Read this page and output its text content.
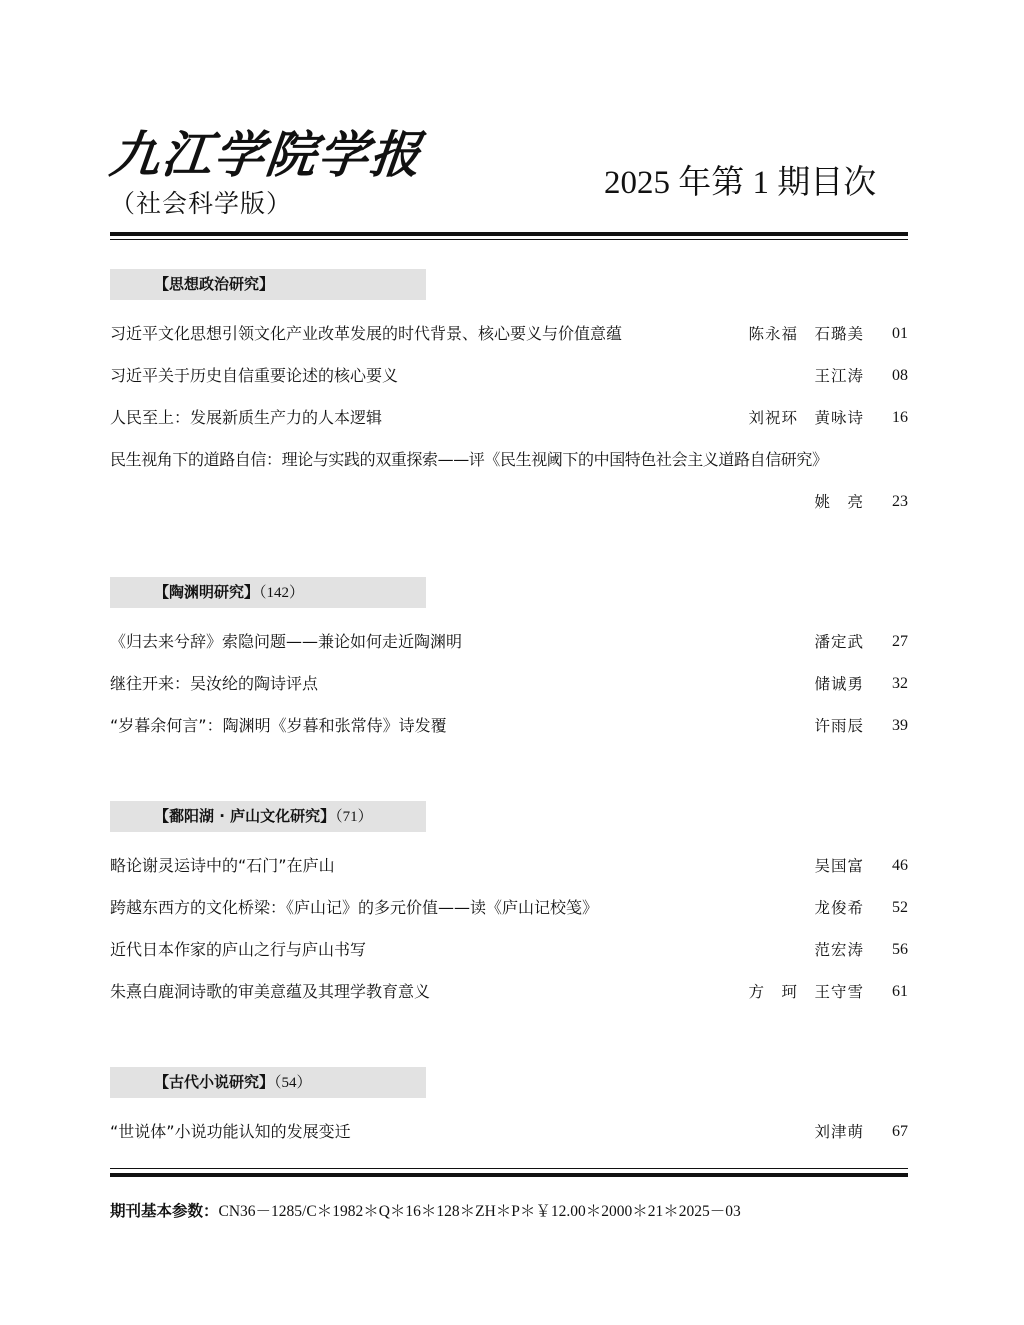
九江学院学报
（社会科学版）
2025 年第 1 期目次
【思想政治研究】
习近平文化思想引领文化产业改革发展的时代背景、核心要义与价值意蕴	陈永福 石璐美	01
习近平关于历史自信重要论述的核心要义	王江涛	08
人民至上：发展新质生产力的人本逻辑	刘祝环 黄咏诗	16
民生视角下的道路自信：理论与实践的双重探索——评《民生视阈下的中国特色社会主义道路自信研究》
姚　亮	23
【陶渊明研究】（142）
《归去来兮辞》索隐问题——兼论如何走近陶渊明	潘定武	27
继往开来：吴汝纶的陶诗评点	储诚勇	32
“岁暮余何言”：陶渊明《岁暮和张常侍》诗发覆	许雨辰	39
【鄱阳湖 · 庐山文化研究】（71）
略论谢灵运诗中的“石门”在庐山	吴国富	46
跨越东西方的文化桥梁：《庐山记》的多元价值——读《庐山记校笺》	龙俊希	52
近代日本作家的庐山之行与庐山书写	范宏涛	56
朱熹白鹿洞诗歌的审美意蕴及其理学教育意义	方　珂 王守雪	61
【古代小说研究】（54）
“世说体”小说功能认知的发展变迁	刘津萌	67
期刊基本参数：CN36－1285/C＊1982＊Q＊16＊128＊ZH＊P＊￥12.00＊2000＊21＊2025－03
